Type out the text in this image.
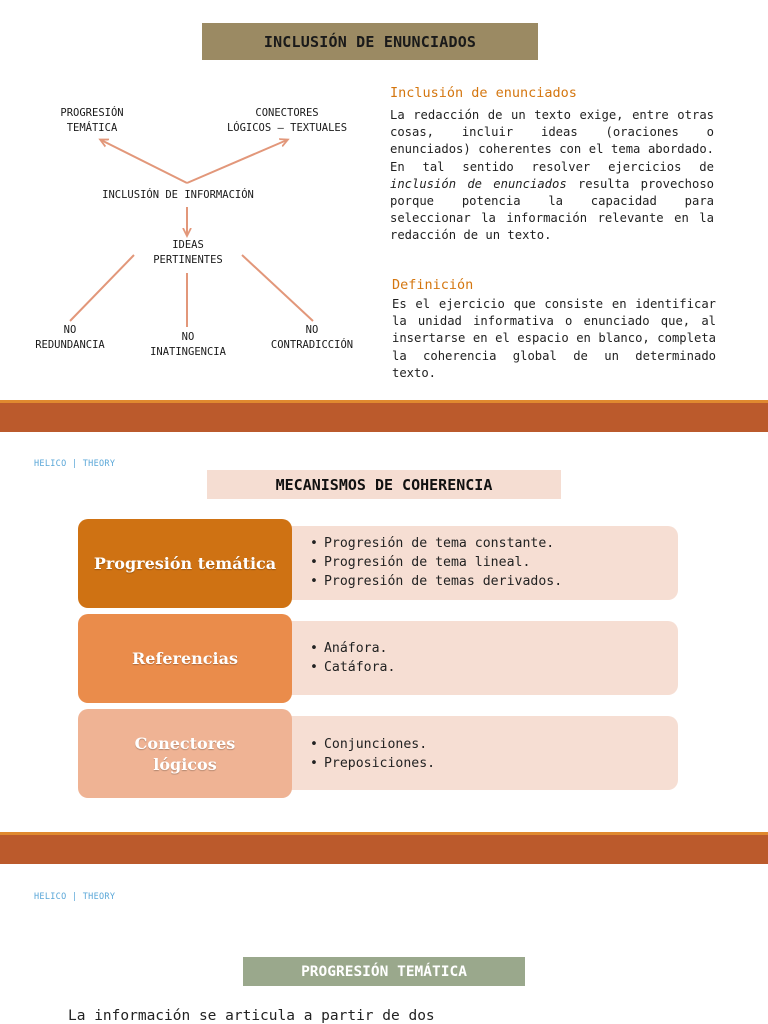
INCLUSIÓN DE ENUNCIADOS
PROGRESIÓN
TEMÁTICA
CONECTORES
LÓGICOS – TEXTUALES
INCLUSIÓN DE INFORMACIÓN
IDEAS
PERTINENTES
NO
REDUNDANCIA
NO
INATINGENCIA
NO
CONTRADICCIÓN
Inclusión de enunciados
La redacción de un texto exige, entre otras cosas, incluir ideas (oraciones o enunciados) coherentes con el tema abordado. En tal sentido resolver ejercicios de inclusión de enunciados resulta provechoso porque potencia la capacidad para seleccionar la información relevante en la redacción de un texto.
Definición
Es el ejercicio que consiste en identificar la unidad informativa o enunciado que, al insertarse en el espacio en blanco, completa la coherencia global de un determinado texto.
HELICO | THEORY
MECANISMOS DE COHERENCIA
Progresión temática
• Progresión de tema constante.
• Progresión de tema lineal.
• Progresión de temas derivados.
Referencias
• Anáfora.
• Catáfora.
Conectores lógicos
• Conjunciones.
• Preposiciones.
HELICO | THEORY
PROGRESIÓN TEMÁTICA
La información se articula a partir de dos
